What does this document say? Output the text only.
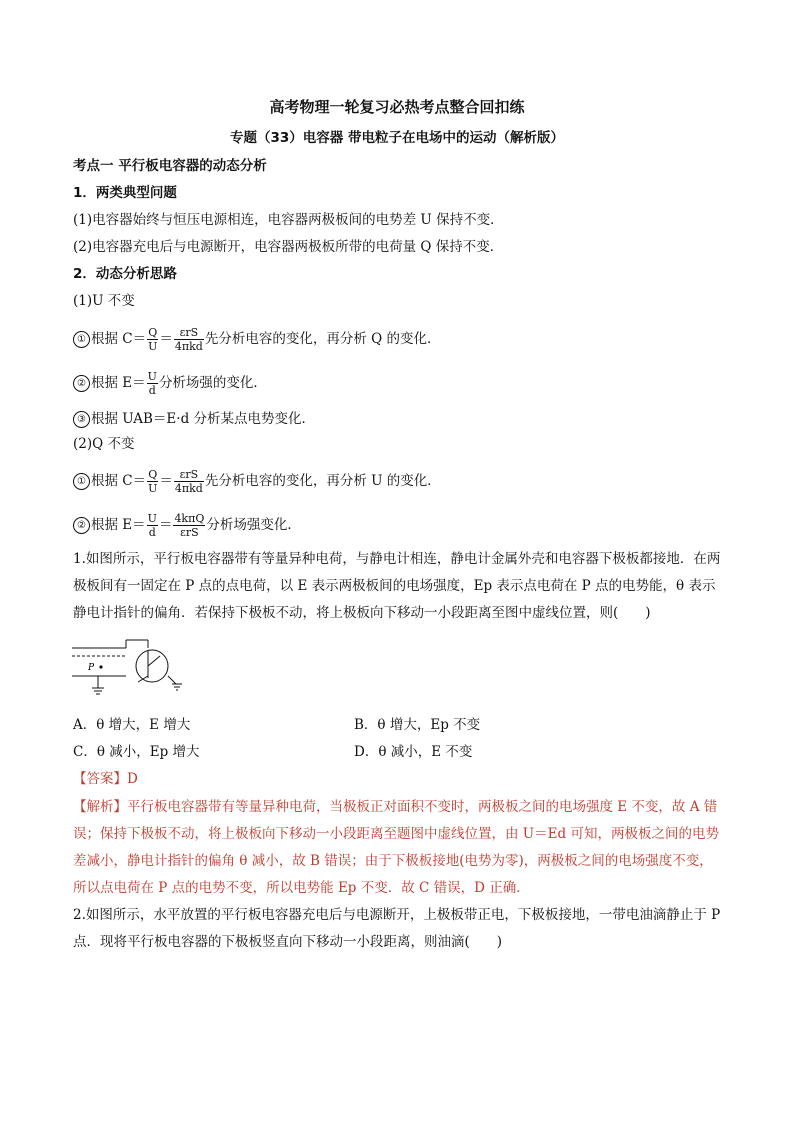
高考物理一轮复习必热考点整合回扣练
专题（33）电容器 带电粒子在电场中的运动（解析版）
考点一 平行板电容器的动态分析
1．两类典型问题
(1)电容器始终与恒压电源相连，电容器两极板间的电势差 U 保持不变．
(2)电容器充电后与电源断开，电容器两极板所带的电荷量 Q 保持不变．
2．动态分析思路
(1)U 不变
① 根据 $C= \frac{Q}{U} = \frac{\text{εrS}}{\text{4πkd}}$ 先分析电容的变化，再分析 Q 的变化．
② 根据 $E= \frac{U}{d}$ 分析场强的变化．
③ 根据 UAB＝E·d 分析某点电势变化．
(2)Q 不变
① 根据 $C= \frac{Q}{U} = \frac{\text{εrS}}{\text{4πkd}}$ 先分析电容的变化，再分析 U 的变化．
② 根据 $E= \frac{U}{d} = \frac{\text{4kπQ}}{\text{εrS}}$ 分析场强变化．
1.如图所示，平行板电容器带有等量异种电荷，与静电计相连，静电计金属外壳和电容器下极板都接地．在两极板间有一固定在 P 点的点电荷，以 E 表示两极板间的电场强度，Ep 表示点电荷在 P 点的电势能，θ 表示静电计指针的偏角．若保持下极板不动，将上极板向下移动一小段距离至图中虚线位置，则(　　)
P
A．θ 增大，E 增大	B．θ 增大，Ep 不变
C．θ 减小，Ep 增大	D．θ 减小，E 不变
【答案】D
【解析】平行板电容器带有等量异种电荷，当极板正对面积不变时，两极板之间的电场强度 E 不变，故 A 错误；保持下极板不动，将上极板向下移动一小段距离至题图中虚线位置，由 U＝Ed 可知，两极板之间的电势差减小，静电计指针的偏角 θ 减小，故 B 错误；由于下极板接地(电势为零)，两极板之间的电场强度不变，所以点电荷在 P 点的电势不变，所以电势能 Ep 不变．故 C 错误，D 正确．
2.如图所示，水平放置的平行板电容器充电后与电源断开，上极板带正电，下极板接地，一带电油滴静止于 P 点．现将平行板电容器的下极板竖直向下移动一小段距离，则油滴(　　)
